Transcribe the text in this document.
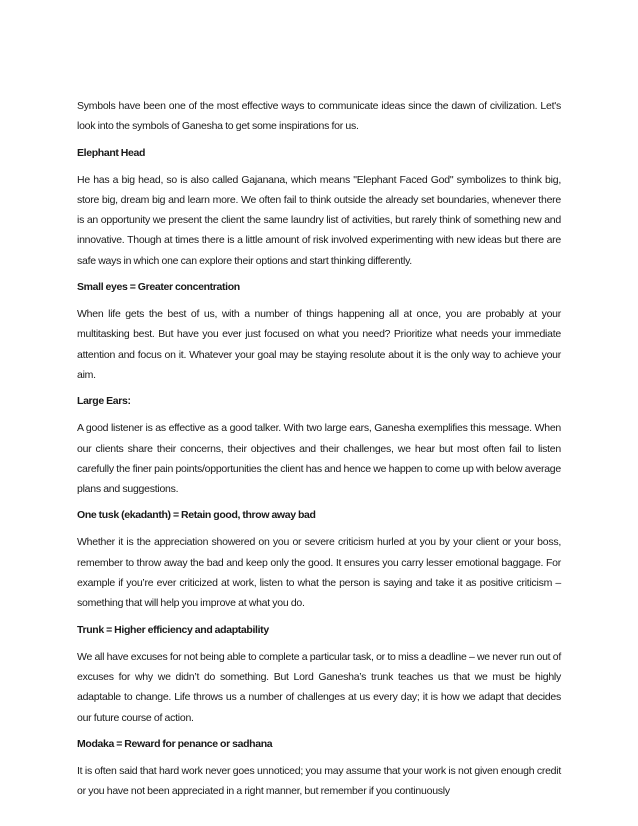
Symbols have been one of the most effective ways to communicate ideas since the dawn of civilization. Let's look into the symbols of Ganesha to get some inspirations for us.

Elephant Head

He has a big head, so is also called Gajanana, which means "Elephant Faced God" symbolizes to think big, store big, dream big and learn more. We often fail to think outside the already set boundaries, whenever there is an opportunity we present the client the same laundry list of activities, but rarely think of something new and innovative. Though at times there is a little amount of risk involved experimenting with new ideas but there are safe ways in which one can explore their options and start thinking differently.

Small eyes = Greater concentration

When life gets the best of us, with a number of things happening all at once, you are probably at your multitasking best. But have you ever just focused on what you need? Prioritize what needs your immediate attention and focus on it. Whatever your goal may be staying resolute about it is the only way to achieve your aim.

Large Ears:

A good listener is as effective as a good talker. With two large ears, Ganesha exemplifies this message. When our clients share their concerns, their objectives and their challenges, we hear but most often fail to listen carefully the finer pain points/opportunities the client has and hence we happen to come up with below average plans and suggestions.

One tusk (ekadanth) = Retain good, throw away bad

Whether it is the appreciation showered on you or severe criticism hurled at you by your client or your boss, remember to throw away the bad and keep only the good. It ensures you carry lesser emotional baggage. For example if you’re ever criticized at work, listen to what the person is saying and take it as positive criticism – something that will help you improve at what you do.

Trunk = Higher efficiency and adaptability

We all have excuses for not being able to complete a particular task, or to miss a deadline – we never run out of excuses for why we didn’t do something. But Lord Ganesha’s trunk teaches us that we must be highly adaptable to change. Life throws us a number of challenges at us every day; it is how we adapt that decides our future course of action.

Modaka = Reward for penance or sadhana

It is often said that hard work never goes unnoticed; you may assume that your work is not given enough credit or you have not been appreciated in a right manner, but remember if you continuously
